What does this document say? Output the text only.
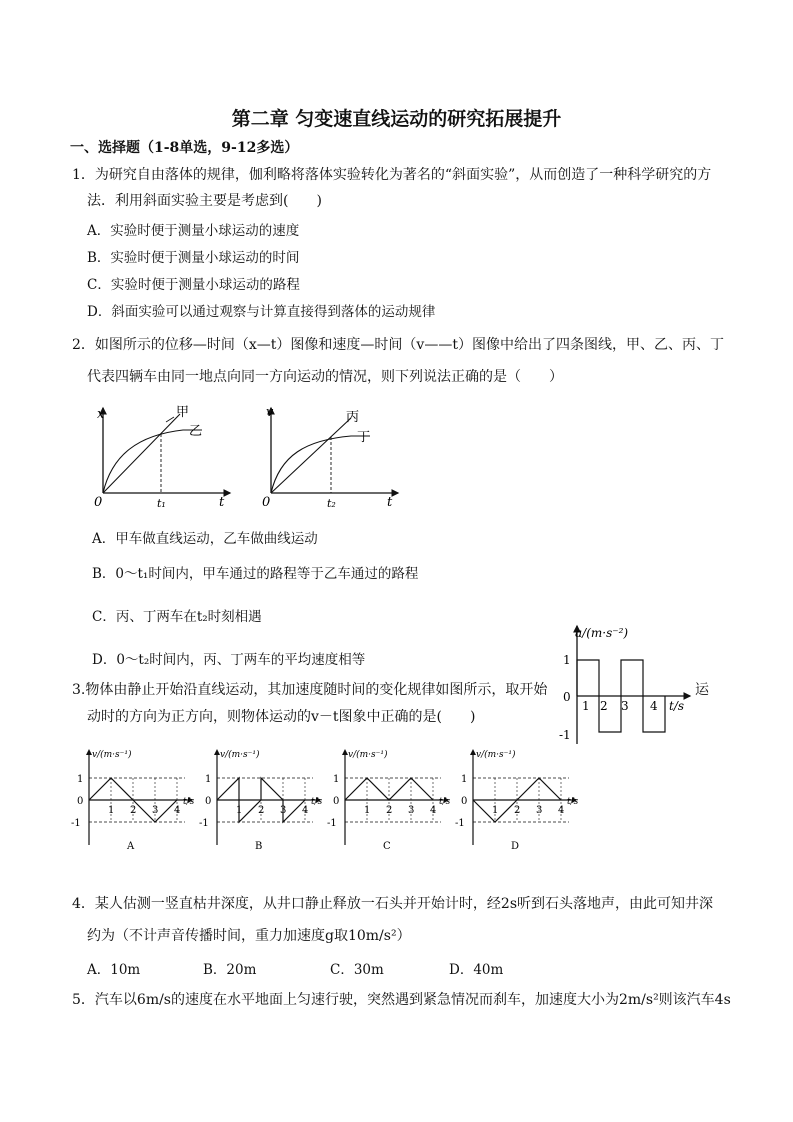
第二章 匀变速直线运动的研究拓展提升
一、选择题（1-8单选，9-12多选）
1．为研究自由落体的规律，伽利略将落体实验转化为著名的“斜面实验”，从而创造了一种科学研究的方
法．利用斜面实验主要是考虑到(　　)
A．实验时便于测量小球运动的速度
B．实验时便于测量小球运动的时间
C．实验时便于测量小球运动的路程
D．斜面实验可以通过观察与计算直接得到落体的运动规律
2．如图所示的位移—时间（x—t）图像和速度—时间（v——t）图像中给出了四条图线，甲、乙、丙、丁
代表四辆车由同一地点向同一方向运动的情况，则下列说法正确的是（　　）
x
0	t
t₁
甲
乙
v
0	t
t₂
丙
丁
A．甲车做直线运动，乙车做曲线运动
B．0～t₁时间内，甲车通过的路程等于乙车通过的路程
C．丙、丁两车在t₂时刻相遇
D．0～t₂时间内，丙、丁两车的平均速度相等
3.物体由静止开始沿直线运动，其加速度随时间的变化规律如图所示，取开始	运
动时的方向为正方向，则物体运动的v－t图象中正确的是(　　)
a/(m·s⁻²)
1
0
-1
1 2 3 4 t/s
v/(m·s⁻¹)
1
0
-1
1 2 3 4
t/s
A
v/(m·s⁻¹)
1
0
-1
1 2 3 4
t/s
B
v/(m·s⁻¹)
1
0
-1
1 2 3 4
t/s
C
v/(m·s⁻¹)
1
0
-1
1 2 3 4
t/s
D
4．某人估测一竖直枯井深度，从井口静止释放一石头并开始计时，经2s听到石头落地声，由此可知井深
约为（不计声音传播时间，重力加速度g取10m/s²）
A．10m	B．20m	C．30m	D．40m
5．汽车以6m/s的速度在水平地面上匀速行驶，突然遇到紧急情况而刹车，加速度大小为2m/s²则该汽车4s
